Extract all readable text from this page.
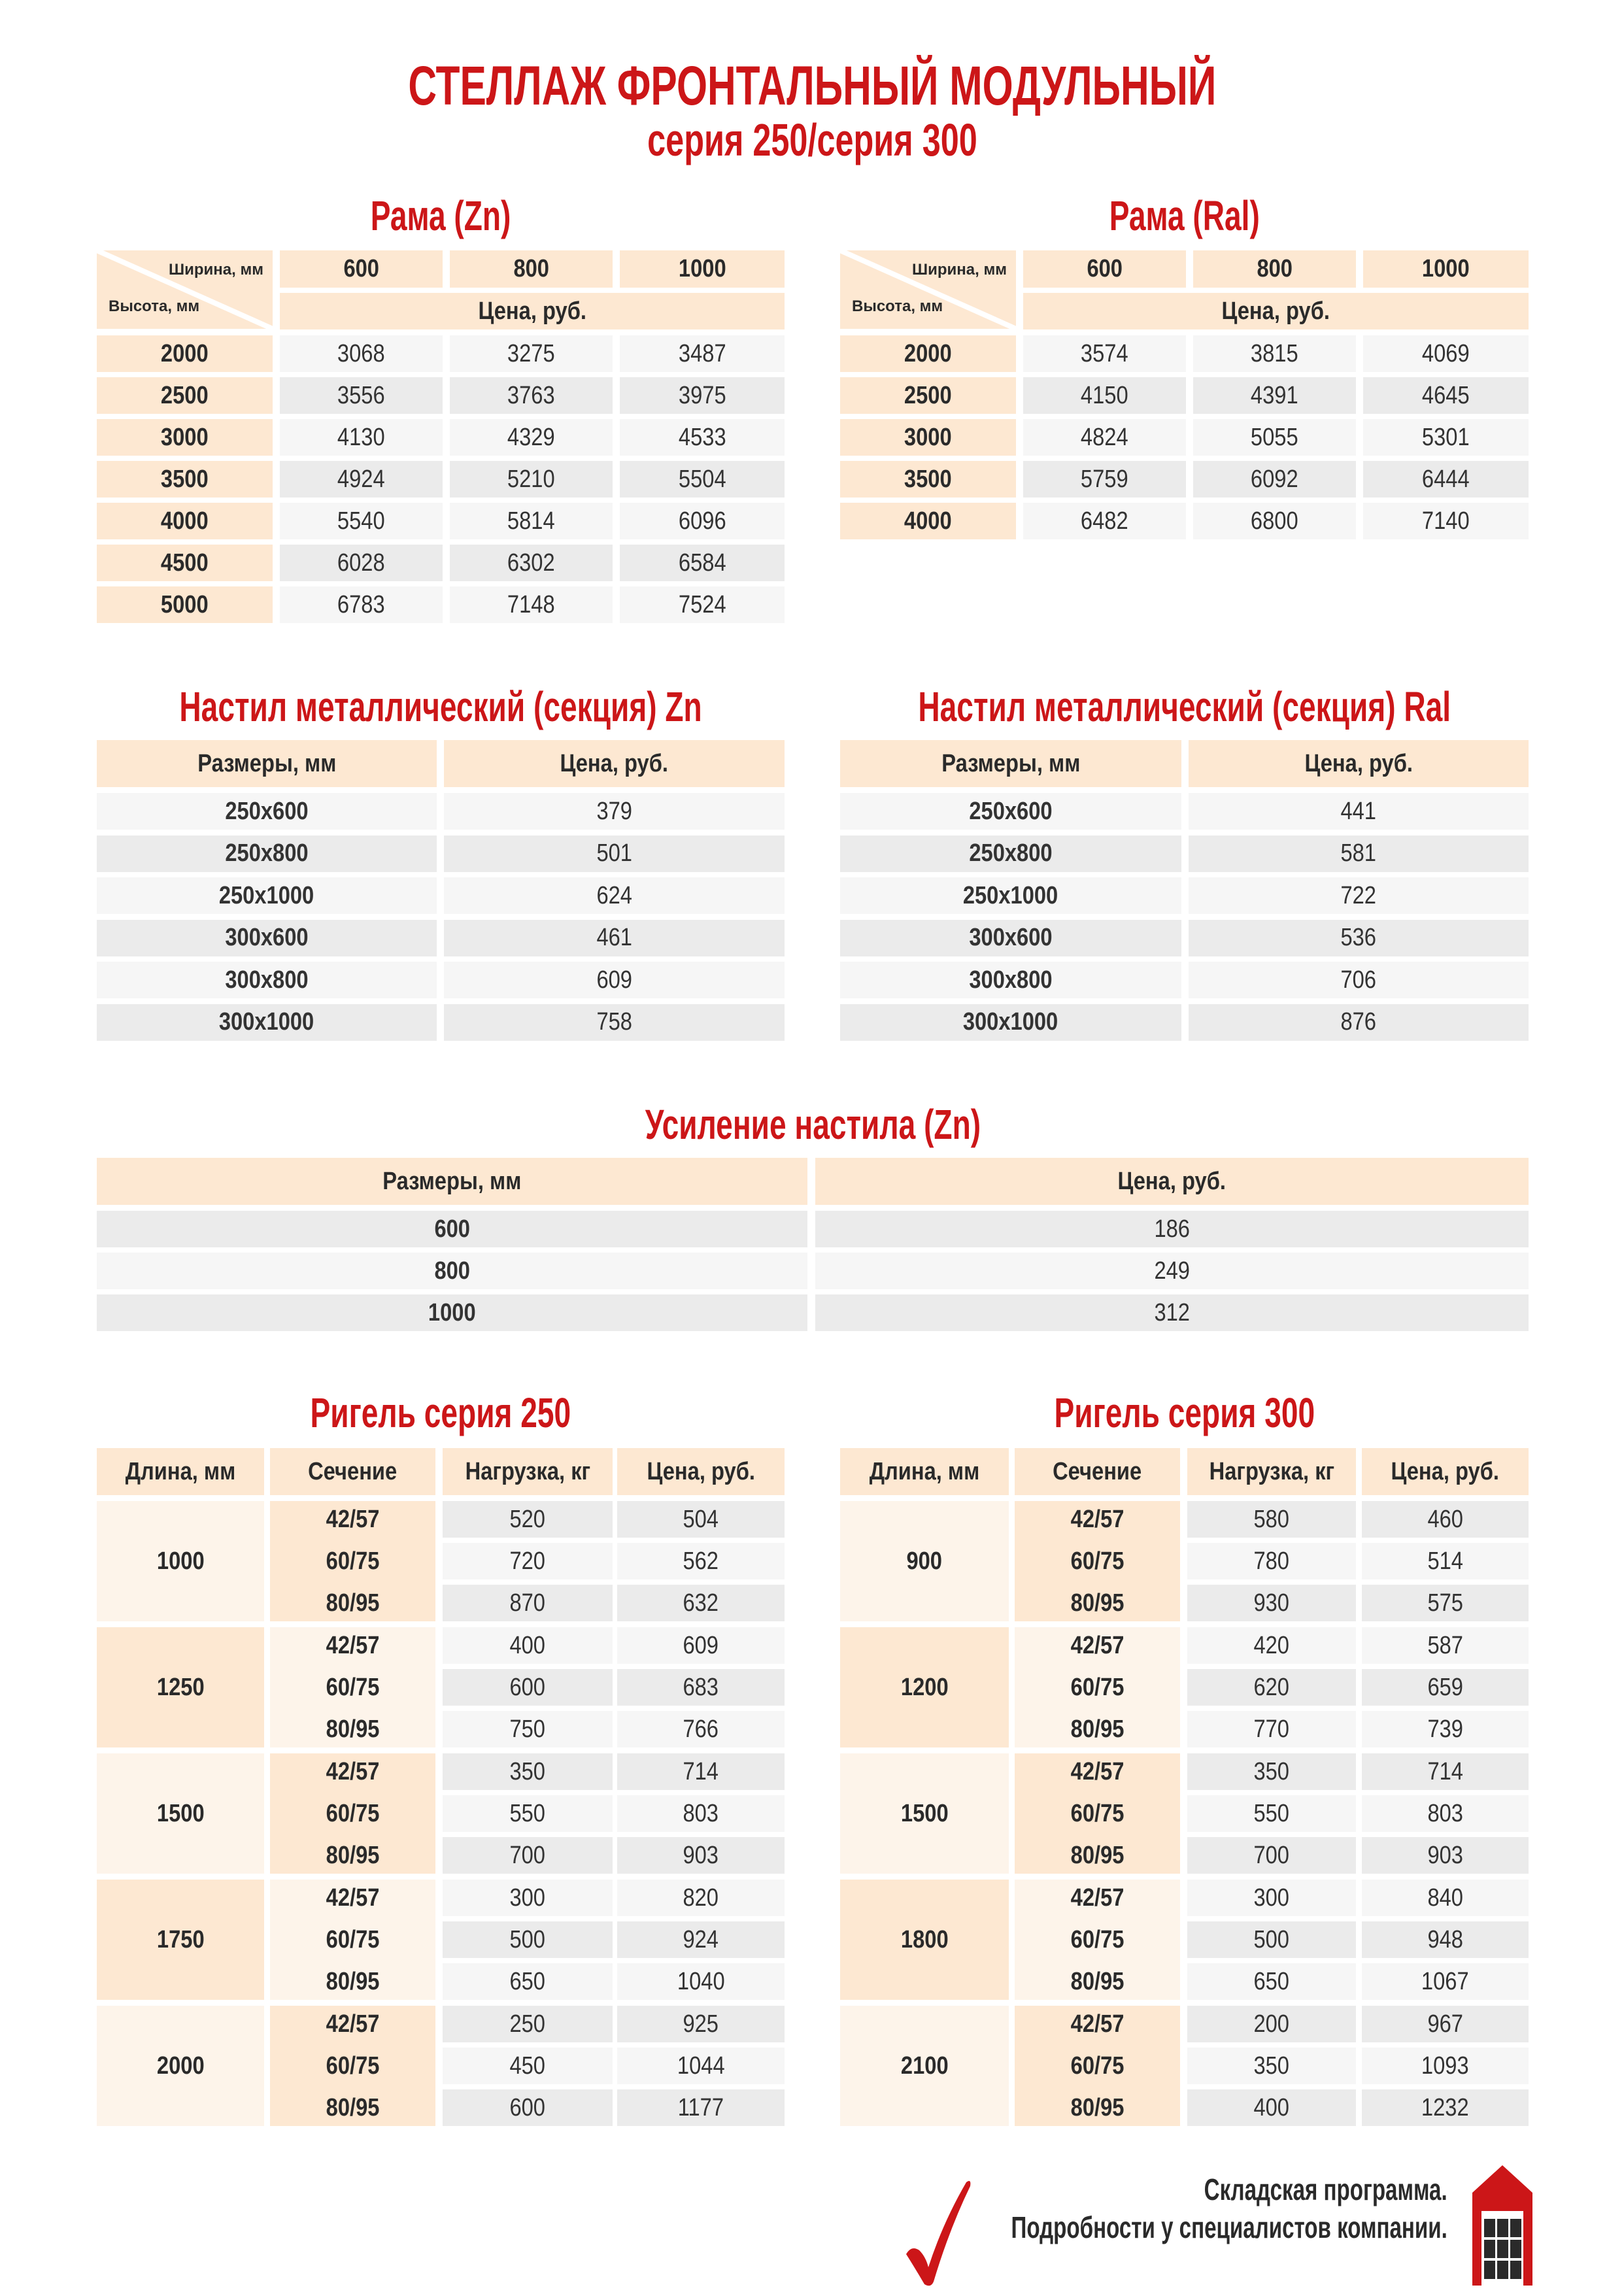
СТЕЛЛАЖ ФРОНТАЛЬНЫЙ МОДУЛЬНЫЙ
серия 250/серия 300
Рама (Zn)
Ширина, мм
Высота, мм
600	800	1000
Цена, руб.
2000	3068	3275	3487
2500	3556	3763	3975
3000	4130	4329	4533
3500	4924	5210	5504
4000	5540	5814	6096
4500	6028	6302	6584
5000	6783	7148	7524
Рама (Ral)
Ширина, мм
Высота, мм
600	800	1000
Цена, руб.
2000	3574	3815	4069
2500	4150	4391	4645
3000	4824	5055	5301
3500	5759	6092	6444
4000	6482	6800	7140
Настил металлический (секция) Zn
Размеры, мм	Цена, руб.
250x600	379
250x800	501
250x1000	624
300x600	461
300x800	609
300x1000	758
Настил металлический (секция) Ral
Размеры, мм	Цена, руб.
250x600	441
250x800	581
250x1000	722
300x600	536
300x800	706
300x1000	876
Усиление настила (Zn)
Размеры, мм	Цена, руб.
600	186
800	249
1000	312
Ригель серия 250
Длина, мм	Сечение	Нагрузка, кг Цена, руб.
1000
42/57	520	504
60/75	720	562
80/95	870	632
1250
42/57	400	609
60/75	600	683
80/95	750	766
1500
42/57	350	714
60/75	550	803
80/95	700	903
1750
42/57	300	820
60/75	500	924
80/95	650	1040
2000
42/57	250	925
60/75	450	1044
80/95	600	1177
Ригель серия 300
Длина, мм	Сечение	Нагрузка, кг Цена, руб.
900
42/57	580	460
60/75	780	514
80/95	930	575
1200
42/57	420	587
60/75	620	659
80/95	770	739
1500
42/57	350	714
60/75	550	803
80/95	700	903
1800
42/57	300	840
60/75	500	948
80/95	650	1067
2100
42/57	200	967
60/75	350	1093
80/95	400	1232
Складская программа.
Подробности у специалистов компании.
